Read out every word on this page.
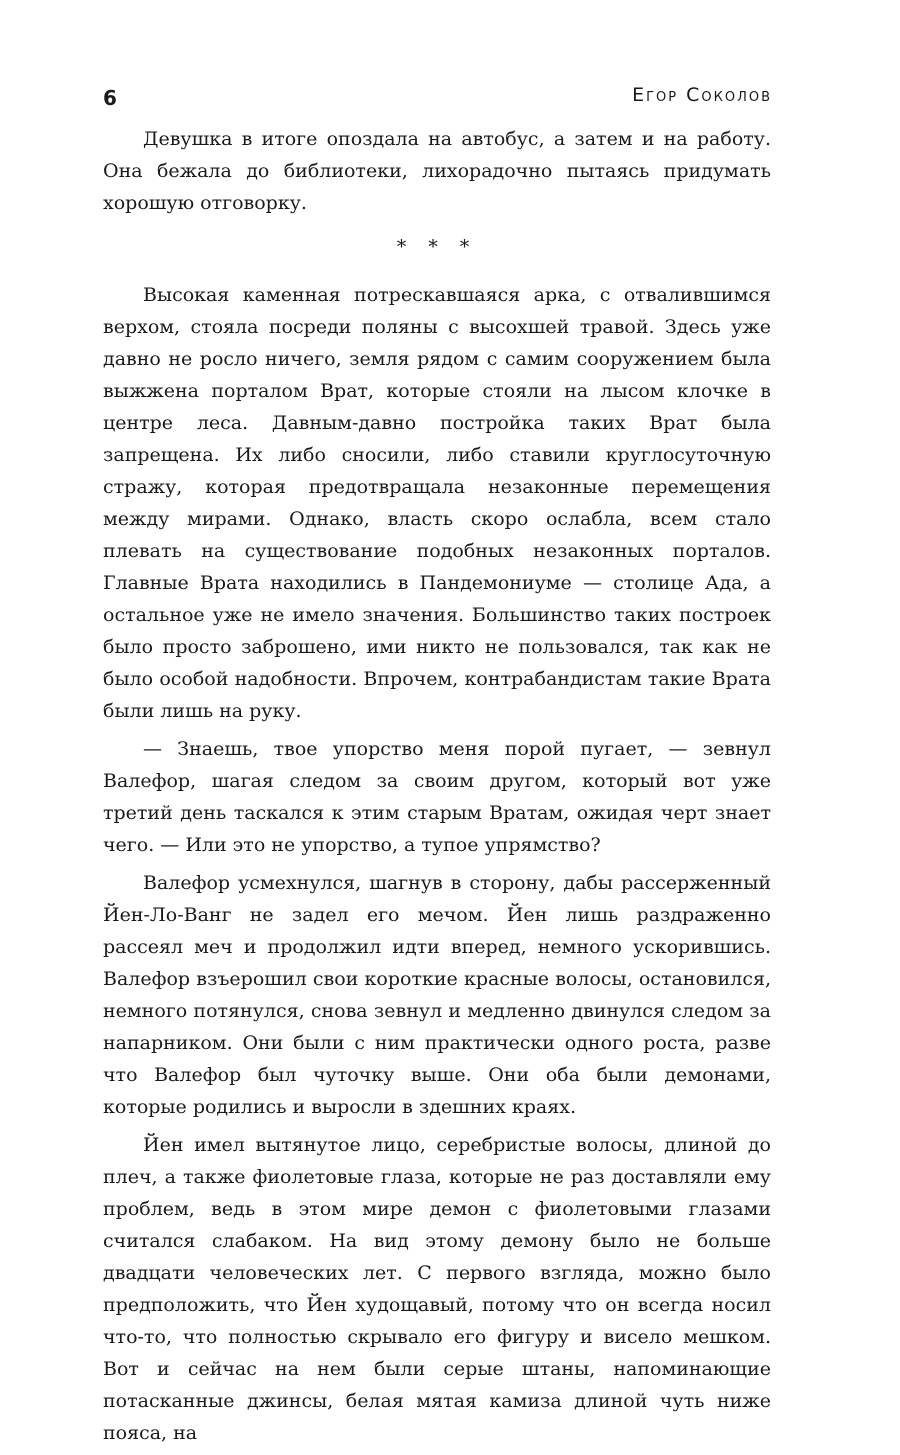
6	Егор Соколов

Девушка в итоге опоздала на автобус, а затем и на работу. Она бежала до библиотеки, лихорадочно пытаясь придумать хорошую отговорку.

* * *

Высокая каменная потрескавшаяся арка, с отвалившимся верхом, стояла посреди поляны с высохшей травой. Здесь уже давно не росло ничего, земля рядом с самим сооружением была выжжена порталом Врат, которые стояли на лысом клочке в центре леса. Давным-давно постройка таких Врат была запрещена. Их либо сносили, либо ставили круглосуточную стражу, которая предотвращала незаконные перемещения между мирами. Однако, власть скоро ослабла, всем стало плевать на существование подобных незаконных порталов. Главные Врата находились в Пандемониуме — столице Ада, а остальное уже не имело значения. Большинство таких построек было просто заброшено, ими никто не пользовался, так как не было особой надобности. Впрочем, контрабандистам такие Врата были лишь на руку.

— Знаешь, твое упорство меня порой пугает, — зевнул Валефор, шагая следом за своим другом, который вот уже третий день таскался к этим старым Вратам, ожидая черт знает чего. — Или это не упорство, а тупое упрямство?

Валефор усмехнулся, шагнув в сторону, дабы рассерженный Йен-Ло-Ванг не задел его мечом. Йен лишь раздраженно рассеял меч и продолжил идти вперед, немного ускорившись. Валефор взъерошил свои короткие красные волосы, остановился, немного потянулся, снова зевнул и медленно двинулся следом за напарником. Они были с ним практически одного роста, разве что Валефор был чуточку выше. Они оба были демонами, которые родились и выросли в здешних краях.

Йен имел вытянутое лицо, серебристые волосы, длиной до плеч, а также фиолетовые глаза, которые не раз доставляли ему проблем, ведь в этом мире демон с фиолетовыми глазами считался слабаком. На вид этому демону было не больше двадцати человеческих лет. С первого взгляда, можно было предположить, что Йен худощавый, потому что он всегда носил что-то, что полностью скрывало его фигуру и висело мешком. Вот и сейчас на нем были серые штаны, напоминающие потасканные джинсы, белая мятая камиза длиной чуть ниже пояса, на
